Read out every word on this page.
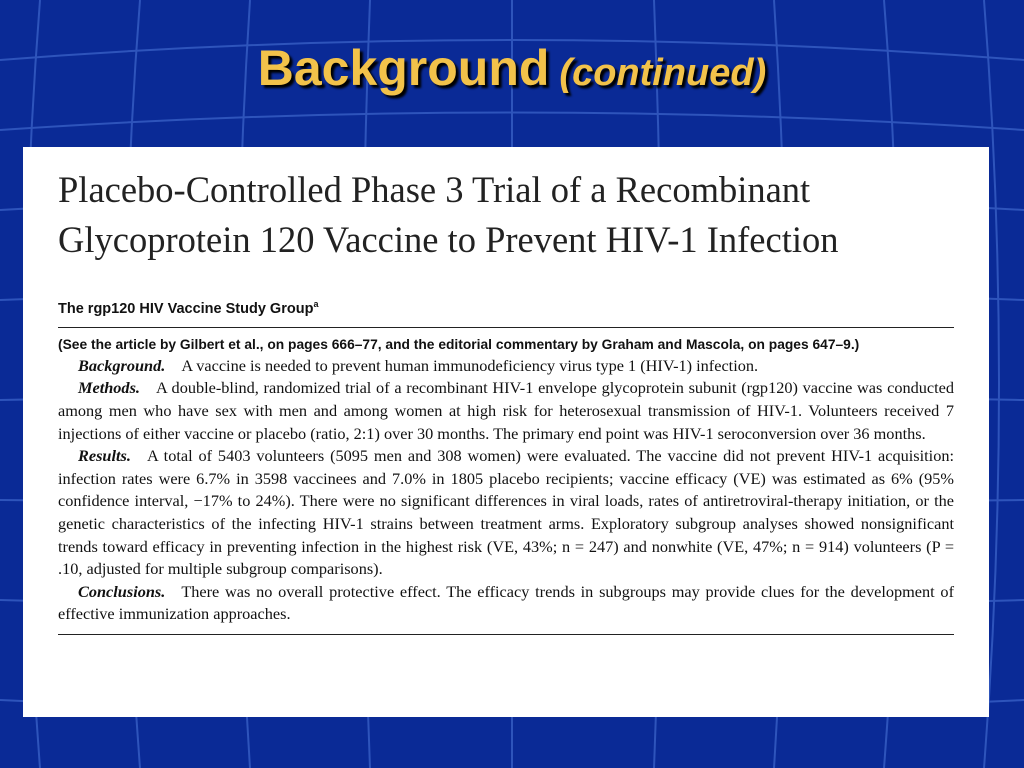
Background (continued)
Placebo-Controlled Phase 3 Trial of a Recombinant
Glycoprotein 120 Vaccine to Prevent HIV-1 Infection
The rgp120 HIV Vaccine Study Group$^a$
(See the article by Gilbert et al., on pages 666–77, and the editorial commentary by Graham and Mascola, on pages 647–9.)

Background. A vaccine is needed to prevent human immunodeficiency virus type 1 (HIV-1) infection.

Methods. A double-blind, randomized trial of a recombinant HIV-1 envelope glycoprotein subunit (rgp120) vaccine was conducted among men who have sex with men and among women at high risk for heterosexual transmission of HIV-1. Volunteers received 7 injections of either vaccine or placebo (ratio, 2:1) over 30 months. The primary end point was HIV-1 seroconversion over 36 months.

Results. A total of 5403 volunteers (5095 men and 308 women) were evaluated. The vaccine did not prevent HIV-1 acquisition: infection rates were 6.7% in 3598 vaccinees and 7.0% in 1805 placebo recipients; vaccine efficacy (VE) was estimated as 6% (95% confidence interval, −17% to 24%). There were no significant differences in viral loads, rates of antiretroviral-therapy initiation, or the genetic characteristics of the infecting HIV-1 strains between treatment arms. Exploratory subgroup analyses showed nonsignificant trends toward efficacy in preventing infection in the highest risk (VE, 43%; n = 247) and nonwhite (VE, 47%; n = 914) volunteers (P = .10, adjusted for multiple subgroup comparisons).

Conclusions. There was no overall protective effect. The efficacy trends in subgroups may provide clues for the development of effective immunization approaches.
